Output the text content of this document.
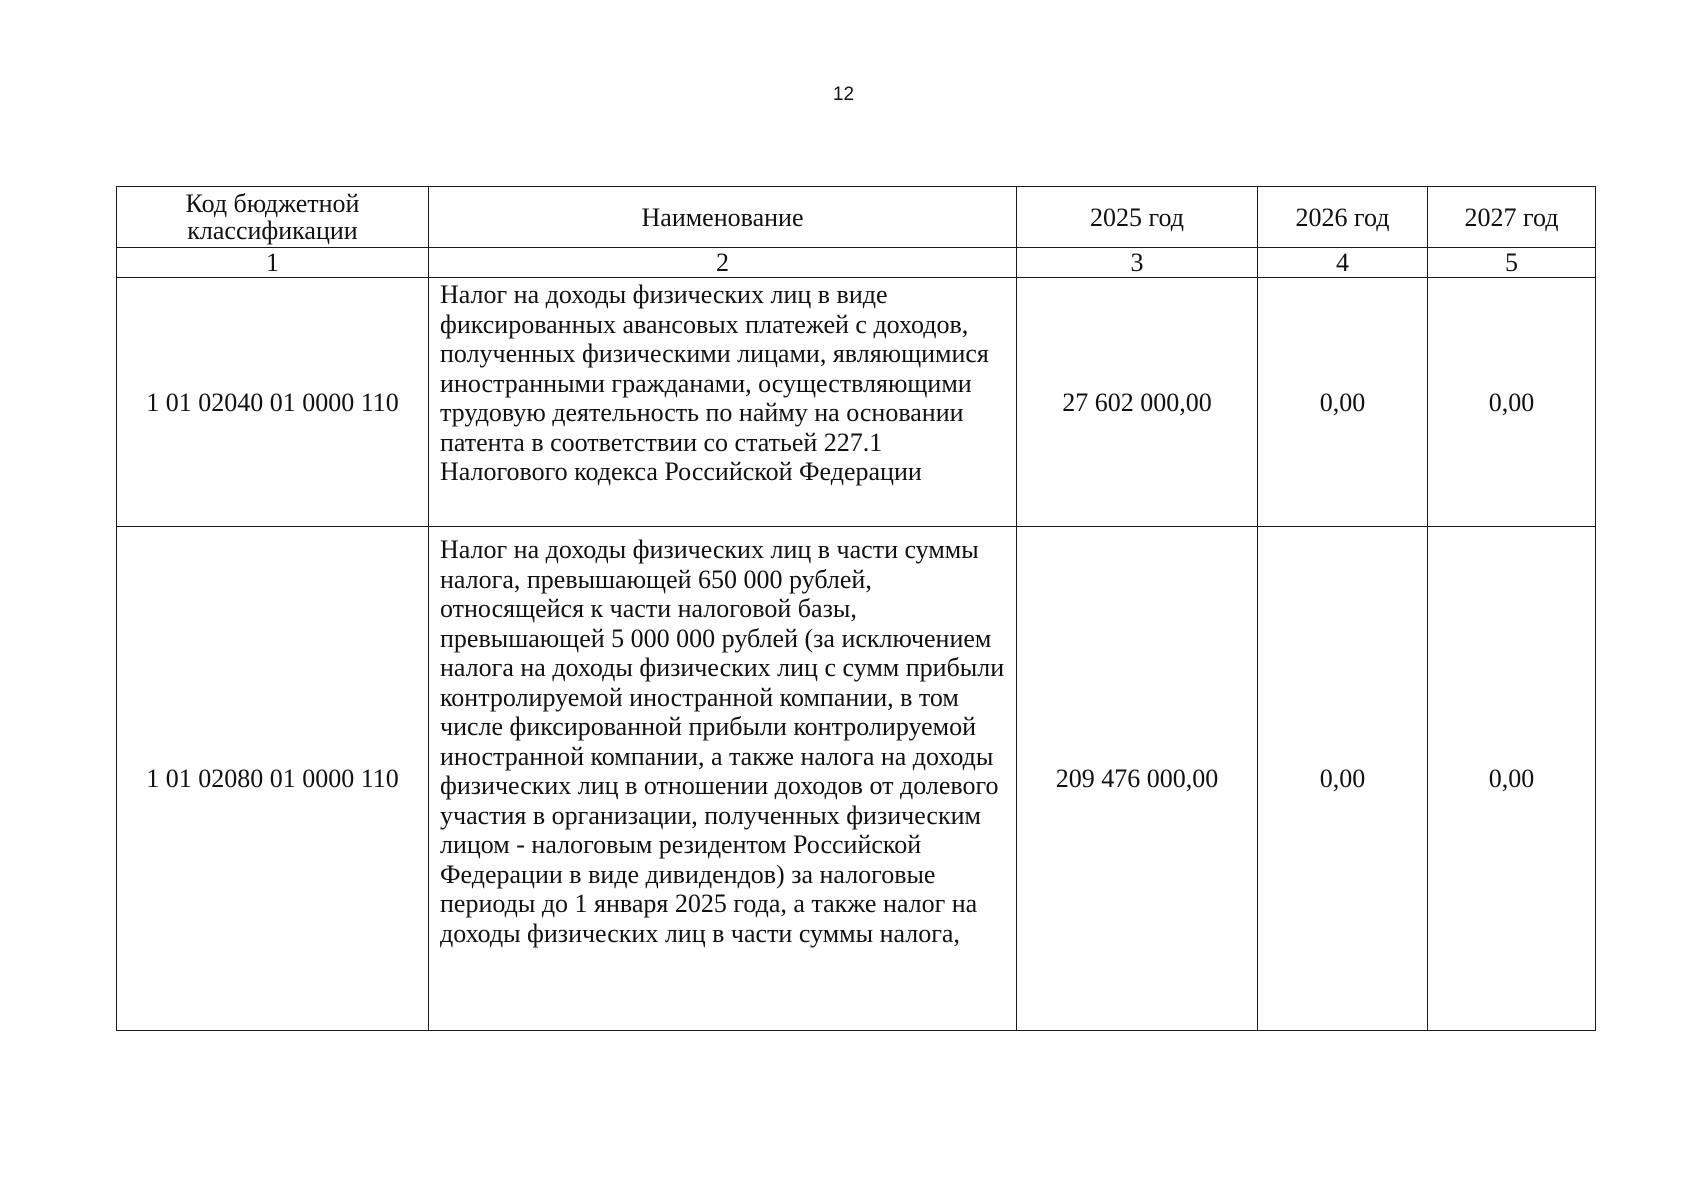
12
Код бюджетной классификации	Наименование	2025 год	2026 год	2027 год
1	2	3	4	5
1 01 02040 01 0000 110	Налог на доходы физических лиц в виде фиксированных авансовых платежей с доходов, полученных физическими лицами, являющимися иностранными гражданами, осуществляющими трудовую деятельность по найму на основании патента в соответствии со статьей 227.1 Налогового кодекса Российской Федерации	27 602 000,00	0,00	0,00
1 01 02080 01 0000 110	Налог на доходы физических лиц в части суммы налога, превышающей 650 000 рублей, относящейся к части налоговой базы, превышающей 5 000 000 рублей (за исключением налога на доходы физических лиц с сумм прибыли контролируемой иностранной компании, в том числе фиксированной прибыли контролируемой иностранной компании, а также налога на доходы физических лиц в отношении доходов от долевого участия в организации, полученных физическим лицом - налоговым резидентом Российской Федерации в виде дивидендов) за налоговые периоды до 1 января 2025 года, а также налог на доходы физических лиц в части суммы налога,	209 476 000,00	0,00	0,00
